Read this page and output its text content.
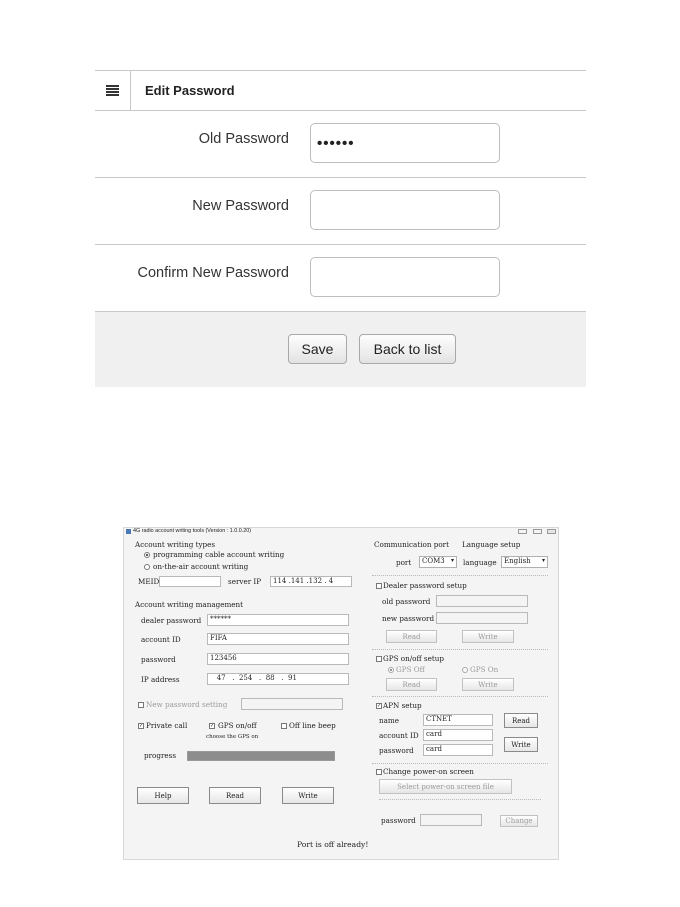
Edit Password
Old Password	••••••
New Password
Confirm New Password
Save	Back to list
4G radio account writing tools (Version : 1.0.0.20)
Account writing types
programming cable account writing
on-the-air account writing
MEID	server IP	114 .141 .132 . 4
Account writing management
dealer password	******
account ID	FIFA
password	123456
IP address	47   .  254   .  88   .  91
New password setting
✓ Private call	✓ GPS on/off	Off line beep
choose the GPS on
progress
Help	Read	Write
Communication port Language setup
port	COM3 ▾	language	English ▾
Dealer password setup
old password
new password
Read	Write
GPS on/off setup
GPS Off	GPS On
Read	Write
✓ APN setup
name	CTNET
account ID	card
password	card
Read
Write
Change power-on screen
Select power-on screen file
password	Change
Port is off already!
